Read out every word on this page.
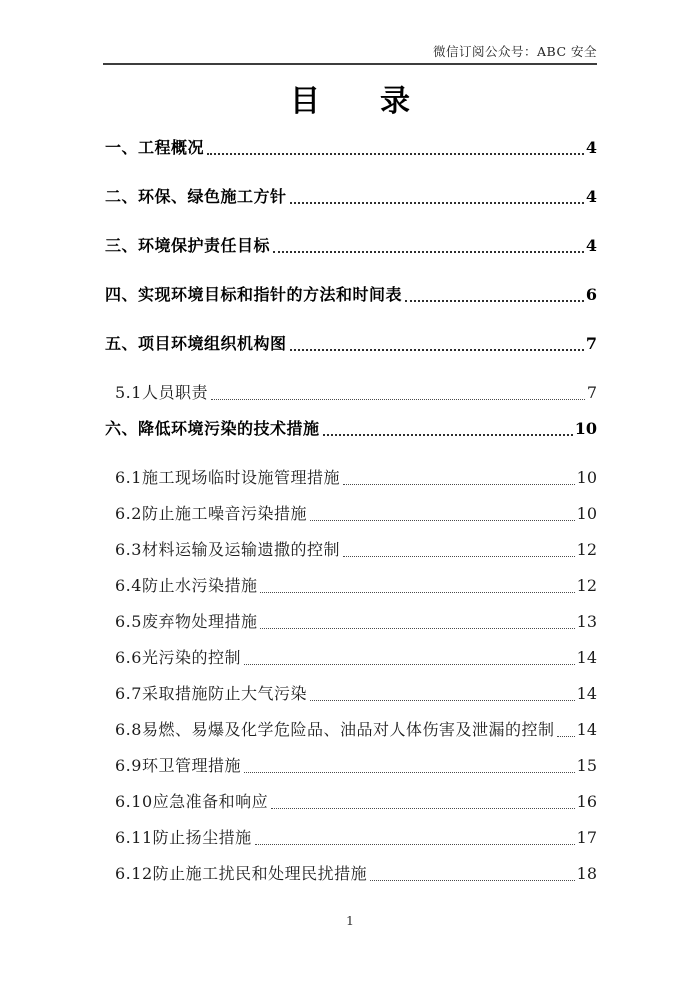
微信订阅公众号：ABC 安全
目　　录
一、工程概况	4
二、环保、绿色施工方针	4
三、环境保护责任目标	4
四、实现环境目标和指针的方法和时间表	6
五、项目环境组织机构图	7
5.1人员职责	7
六、降低环境污染的技术措施	10
6.1施工现场临时设施管理措施	10
6.2防止施工噪音污染措施	10
6.3材料运输及运输遗撒的控制	12
6.4防止水污染措施	12
6.5废弃物处理措施	13
6.6光污染的控制	14
6.7采取措施防止大气污染	14
6.8易燃、易爆及化学危险品、油品对人体伤害及泄漏的控制 14
6.9环卫管理措施	15
6.10应急准备和响应	16
6.11防止扬尘措施	17
6.12防止施工扰民和处理民扰措施	18
1
